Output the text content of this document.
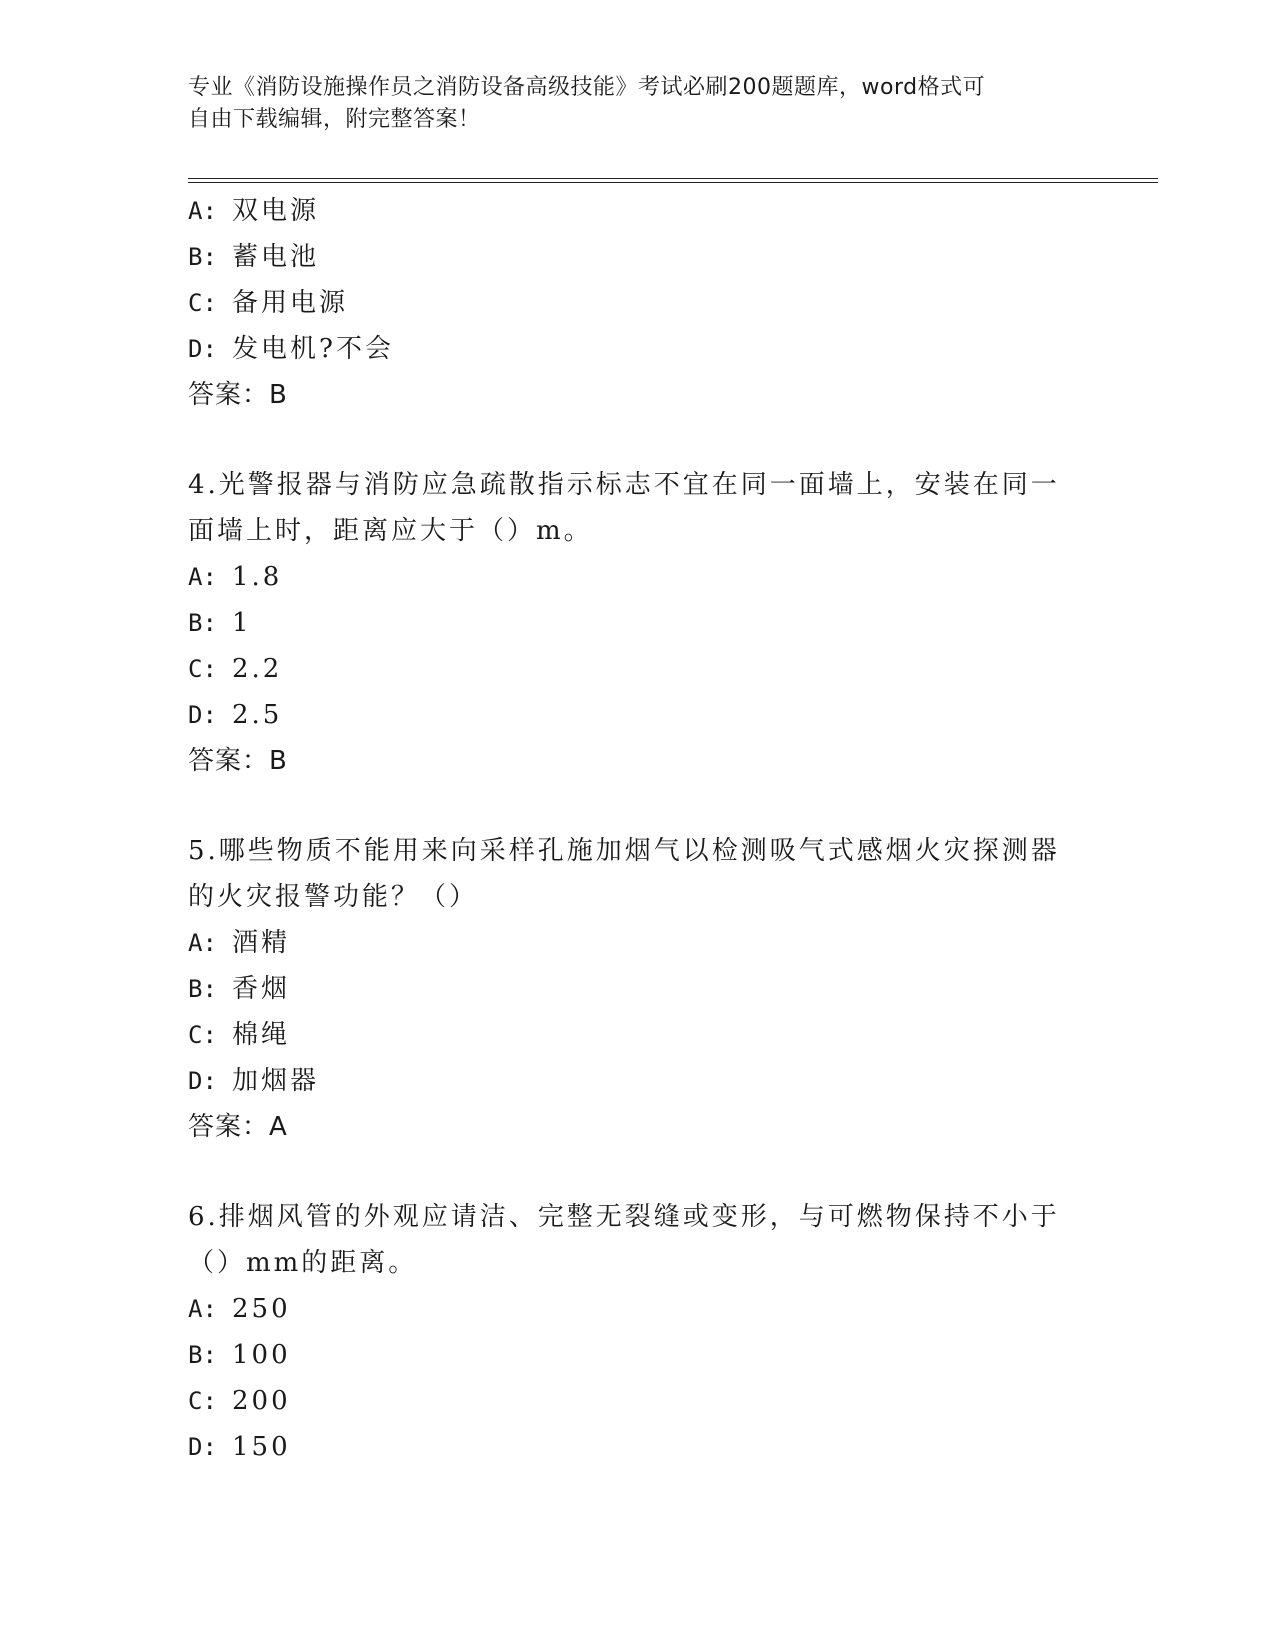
专业《消防设施操作员之消防设备高级技能》考试必刷200题题库，word格式可
自由下载编辑，附完整答案！
A: 双电源
B: 蓄电池
C: 备用电源
D: 发电机?不会
答案：B
4.光警报器与消防应急疏散指示标志不宜在同一面墙上，安装在同一
面墙上时，距离应大于（）m。
A: 1.8
B: 1
C: 2.2
D: 2.5
答案：B
5.哪些物质不能用来向采样孔施加烟气以检测吸气式感烟火灾探测器
的火灾报警功能？（）
A: 酒精
B: 香烟
C: 棉绳
D: 加烟器
答案：A
6.排烟风管的外观应请洁、完整无裂缝或变形，与可燃物保持不小于
（）mm的距离。
A: 250
B: 100
C: 200
D: 150
